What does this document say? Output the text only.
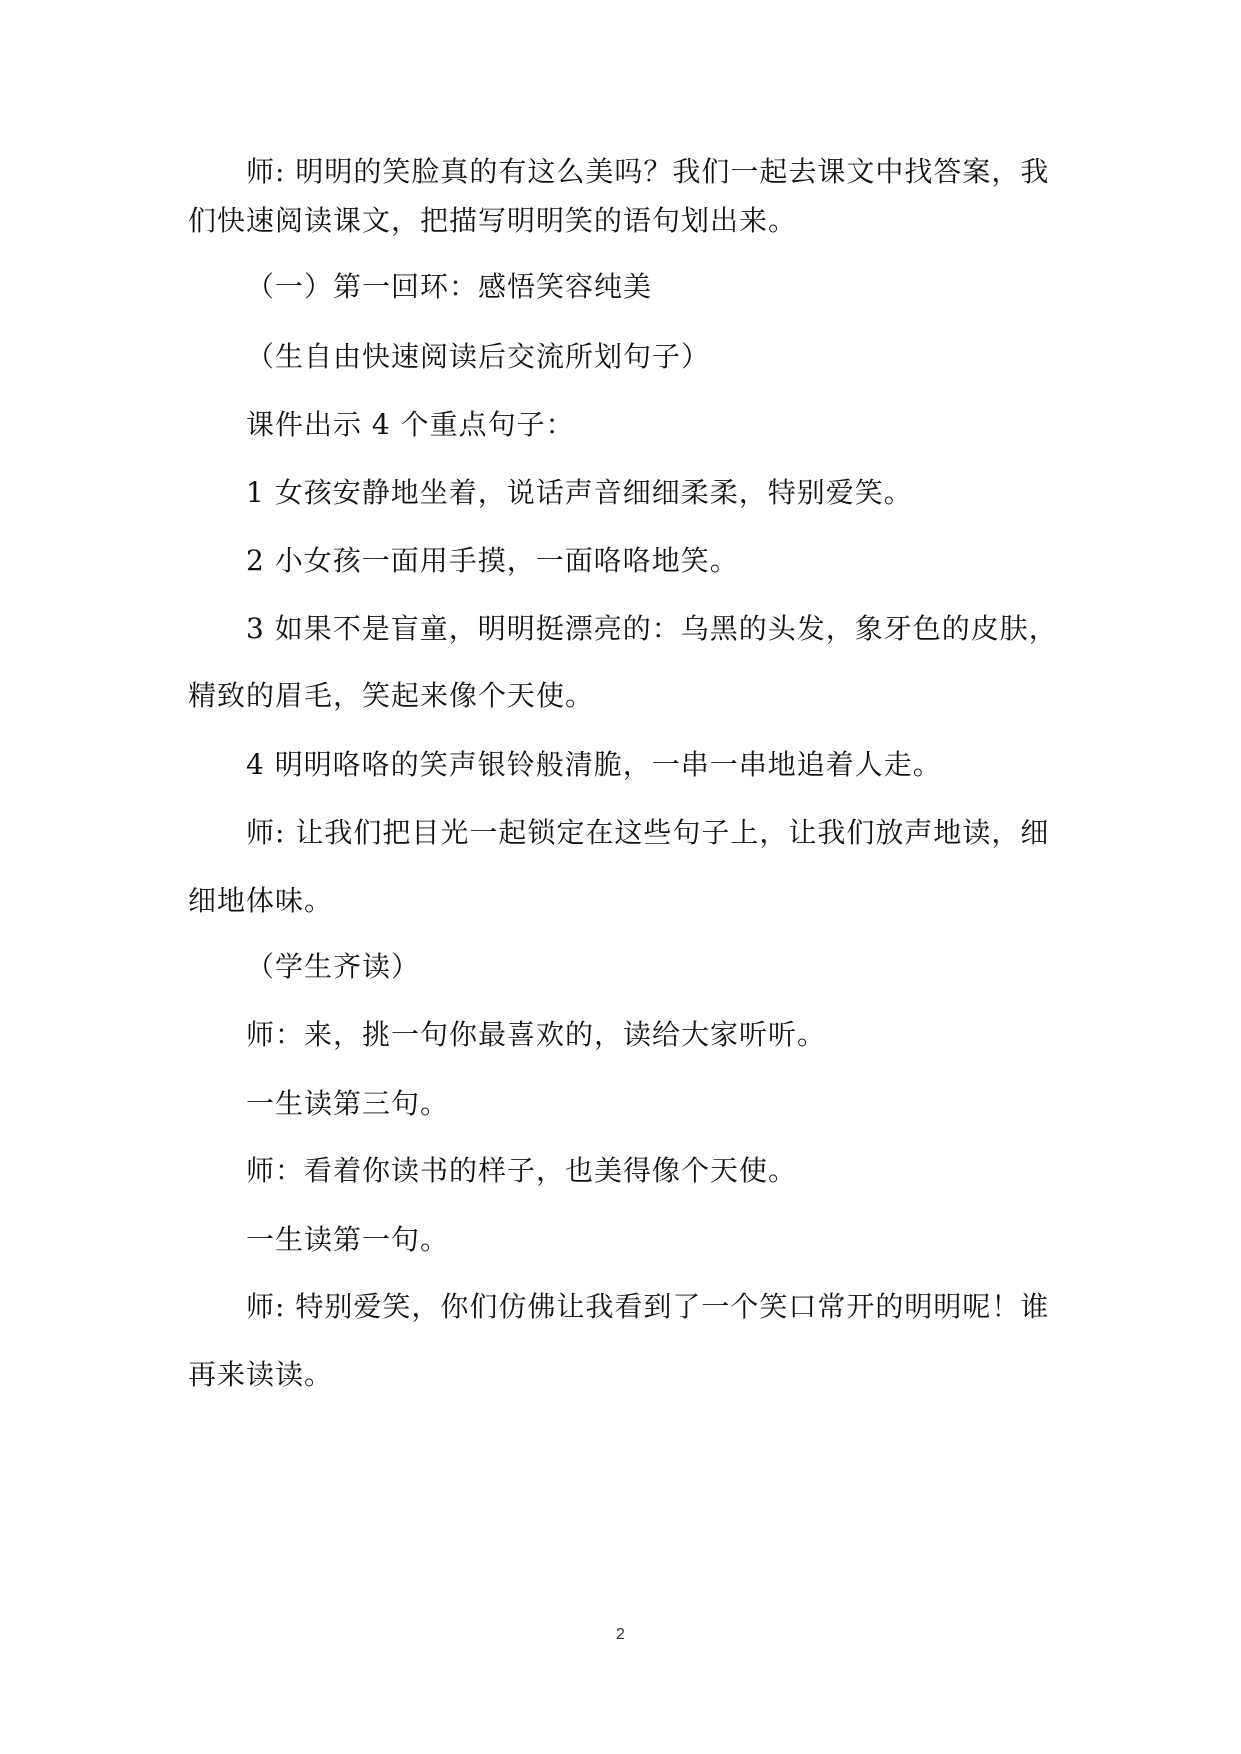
师: 明明的笑脸真的有这么美吗？我们一起去课文中找答案，我
们快速阅读课文，把描写明明笑的语句划出来。
（一）第一回环：感悟笑容纯美
（生自由快速阅读后交流所划句子）
课件出示 4 个重点句子：
1 女孩安静地坐着，说话声音细细柔柔，特别爱笑。
2 小女孩一面用手摸，一面咯咯地笑。
3 如果不是盲童，明明挺漂亮的：乌黑的头发，象牙色的皮肤，
精致的眉毛，笑起来像个天使。
4 明明咯咯的笑声银铃般清脆，一串一串地追着人走。
师: 让我们把目光一起锁定在这些句子上，让我们放声地读，细
细地体味。
（学生齐读）
师：来，挑一句你最喜欢的，读给大家听听。
一生读第三句。
师：看着你读书的样子，也美得像个天使。
一生读第一句。
师: 特别爱笑，你们仿佛让我看到了一个笑口常开的明明呢！谁
再来读读。
2
